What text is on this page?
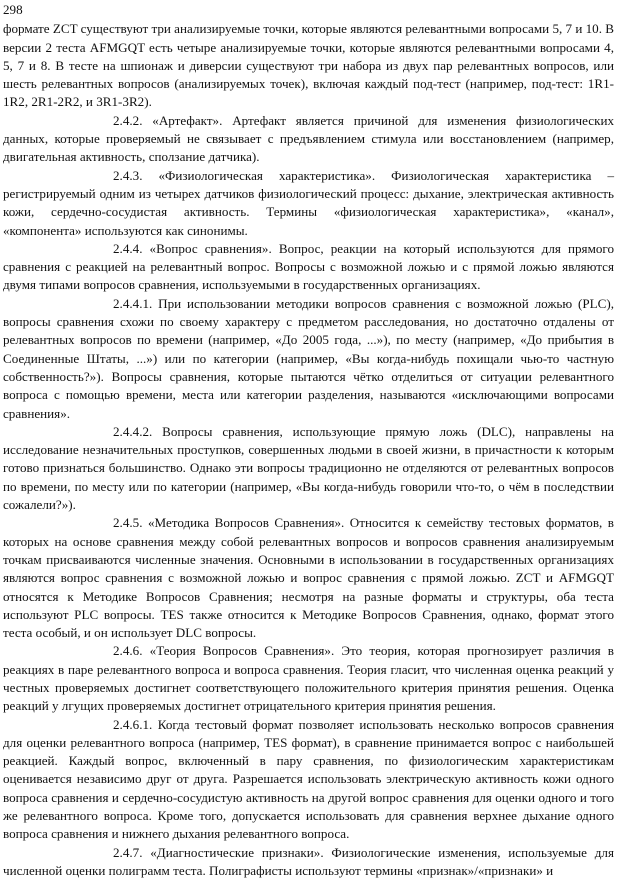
298

формате ZCT существуют три анализируемые точки, которые являются релевантными вопросами 5, 7 и 10. В версии 2 теста AFMGQT есть четыре анализируемые точки, которые являются релевантными вопросами 4, 5, 7 и 8. В тесте на шпионаж и диверсии существуют три набора из двух пар релевантных вопросов, или шесть релевантных вопросов (анализируемых точек), включая каждый под-тест (например, под-тест: 1R1-1R2, 2R1-2R2, и 3R1-3R2).

2.4.2. «Артефакт». Артефакт является причиной для изменения физиологических данных, которые проверяемый не связывает с предъявлением стимула или восстановлением (например, двигательная активность, сползание датчика).

2.4.3. «Физиологическая характеристика». Физиологическая характеристика – регистрируемый одним из четырех датчиков физиологический процесс: дыхание, электрическая активность кожи, сердечно-сосудистая активность. Термины «физиологическая характеристика», «канал», «компонента» используются как синонимы.

2.4.4. «Вопрос сравнения». Вопрос, реакции на который используются для прямого сравнения с реакцией на релевантный вопрос. Вопросы с возможной ложью и с прямой ложью являются двумя типами вопросов сравнения, используемыми в государственных организациях.

2.4.4.1. При использовании методики вопросов сравнения с возможной ложью (PLC), вопросы сравнения схожи по своему характеру с предметом расследования, но достаточно отдалены от релевантных вопросов по времени (например, «До 2005 года, ...»), по месту (например, «До прибытия в Соединенные Штаты, ...») или по категории (например, «Вы когда-нибудь похищали чью-то частную собственность?»). Вопросы сравнения, которые пытаются чётко отделиться от ситуации релевантного вопроса с помощью времени, места или категории разделения, называются «исключающими вопросами сравнения».

2.4.4.2. Вопросы сравнения, использующие прямую ложь (DLC), направлены на исследование незначительных проступков, совершенных людьми в своей жизни, в причастности к которым готово признаться большинство. Однако эти вопросы традиционно не отделяются от релевантных вопросов по времени, по месту или по категории (например, «Вы когда-нибудь говорили что-то, о чём в последствии сожалели?»).

2.4.5. «Методика Вопросов Сравнения». Относится к семейству тестовых форматов, в которых на основе сравнения между собой релевантных вопросов и вопросов сравнения анализируемым точкам присваиваются численные значения. Основными в использовании в государственных организациях являются вопрос сравнения с возможной ложью и вопрос сравнения с прямой ложью. ZCT и AFMGQT относятся к Методике Вопросов Сравнения; несмотря на разные форматы и структуры, оба теста используют PLC вопросы. TES также относится к Методике Вопросов Сравнения, однако, формат этого теста особый, и он использует DLC вопросы.

2.4.6. «Теория Вопросов Сравнения». Это теория, которая прогнозирует различия в реакциях в паре релевантного вопроса и вопроса сравнения. Теория гласит, что численная оценка реакций у честных проверяемых достигнет соответствующего положительного критерия принятия решения. Оценка реакций у лгущих проверяемых достигнет отрицательного критерия принятия решения.

2.4.6.1. Когда тестовый формат позволяет использовать несколько вопросов сравнения для оценки релевантного вопроса (например, TES формат), в сравнение принимается вопрос с наибольшей реакцией. Каждый вопрос, включенный в пару сравнения, по физиологическим характеристикам оценивается независимо друг от друга. Разрешается использовать электрическую активность кожи одного вопроса сравнения и сердечно-сосудистую активность на другой вопрос сравнения для оценки одного и того же релевантного вопроса. Кроме того, допускается использовать для сравнения верхнее дыхание одного вопроса сравнения и нижнего дыхания релевантного вопроса.

2.4.7. «Диагностические признаки». Физиологические изменения, используемые для численной оценки полиграмм теста. Полиграфисты используют термины «признак»/«признаки» и
